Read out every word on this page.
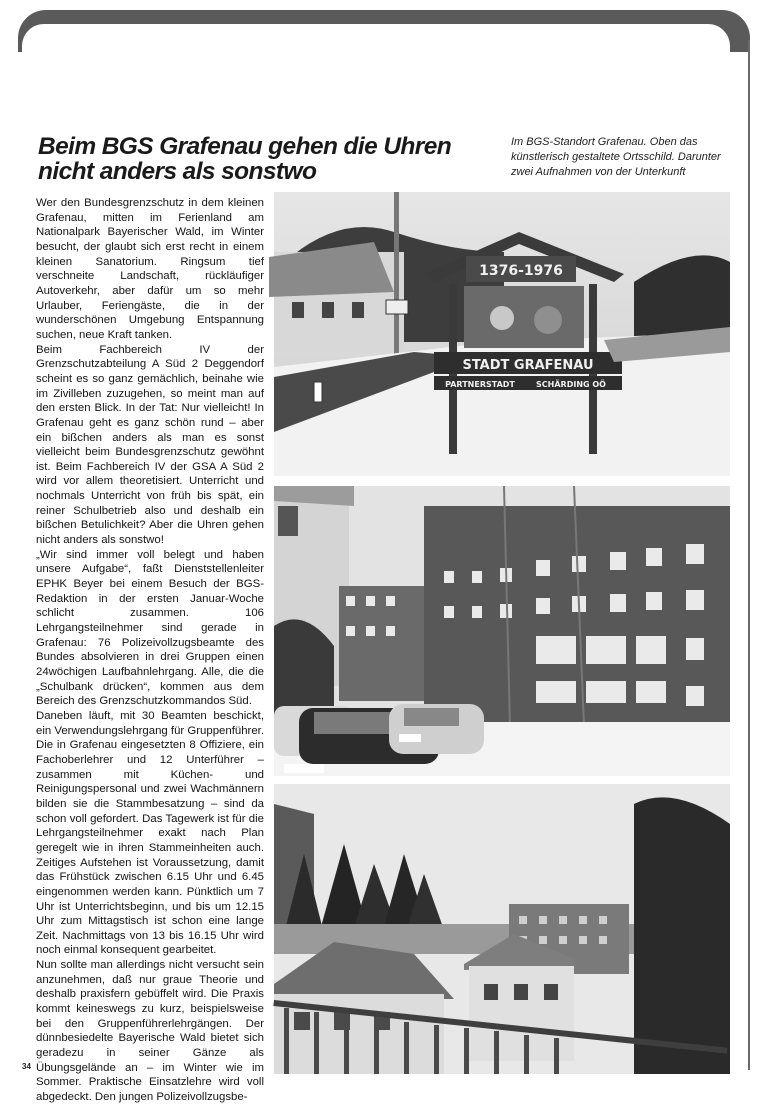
Beim BGS Grafenau gehen die Uhren nicht anders als sonstwo

Im BGS-Standort Grafenau. Oben das künstlerisch gestaltete Ortsschild. Darunter zwei Aufnahmen von der Unterkunft

Wer den Bundesgrenzschutz in dem kleinen Grafenau, mitten im Ferienland am Nationalpark Bayerischer Wald, im Winter besucht, der glaubt sich erst recht in einem kleinen Sanatorium. Ringsum tief verschneite Landschaft, rückläufiger Autoverkehr, aber dafür um so mehr Urlauber, Feriengäste, die in der wunderschönen Umgebung Entspannung suchen, neue Kraft tanken.

Beim Fachbereich IV der Grenzschutzabteilung A Süd 2 Deggendorf scheint es so ganz gemächlich, beinahe wie im Zivilleben zuzugehen, so meint man auf den ersten Blick. In der Tat: Nur vielleicht! In Grafenau geht es ganz schön rund – aber ein bißchen anders als man es sonst vielleicht beim Bundesgrenzschutz gewöhnt ist. Beim Fachbereich IV der GSA A Süd 2 wird vor allem theoretisiert. Unterricht und nochmals Unterricht von früh bis spät, ein reiner Schulbetrieb also und deshalb ein bißchen Betulichkeit? Aber die Uhren gehen nicht anders als sonstwo!

„Wir sind immer voll belegt und haben unsere Aufgabe“, faßt Dienststellenleiter EPHK Beyer bei einem Besuch der BGS-Redaktion in der ersten Januar-Woche schlicht zusammen. 106 Lehrgangsteilnehmer sind gerade in Grafenau: 76 Polizeivollzugsbeamte des Bundes absolvieren in drei Gruppen einen 24wöchigen Laufbahnlehrgang. Alle, die die „Schulbank drücken“, kommen aus dem Bereich des Grenzschutzkommandos Süd.

Daneben läuft, mit 30 Beamten beschickt, ein Verwendungslehrgang für Gruppenführer. Die in Grafenau eingesetzten 8 Offiziere, ein Fachoberlehrer und 12 Unterführer – zusammen mit Küchen- und Reinigungspersonal und zwei Wachmännern bilden sie die Stammbesatzung – sind da schon voll gefordert. Das Tagewerk ist für die Lehrgangsteilnehmer exakt nach Plan geregelt wie in ihren Stammeinheiten auch. Zeitiges Aufstehen ist Voraussetzung, damit das Frühstück zwischen 6.15 Uhr und 6.45 eingenommen werden kann. Pünktlich um 7 Uhr ist Unterrichtsbeginn, und bis um 12.15 Uhr zum Mittagstisch ist schon eine lange Zeit. Nachmittags von 13 bis 16.15 Uhr wird noch einmal konsequent gearbeitet.

Nun sollte man allerdings nicht versucht sein anzunehmen, daß nur graue Theorie und deshalb praxisfern gebüffelt wird. Die Praxis kommt keineswegs zu kurz, beispielsweise bei den Gruppenführerlehrgängen. Der dünnbesiedelte Bayerische Wald bietet sich geradezu in seiner Gänze als Übungsgelände an – im Winter wie im Sommer. Praktische Einsatzlehre wird voll abgedeckt. Den jungen Polizeivollzugsbe-

34
1376-1976
STADT GRAFENAU
PARTNERSTADT	SCHÄRDING OÖ
